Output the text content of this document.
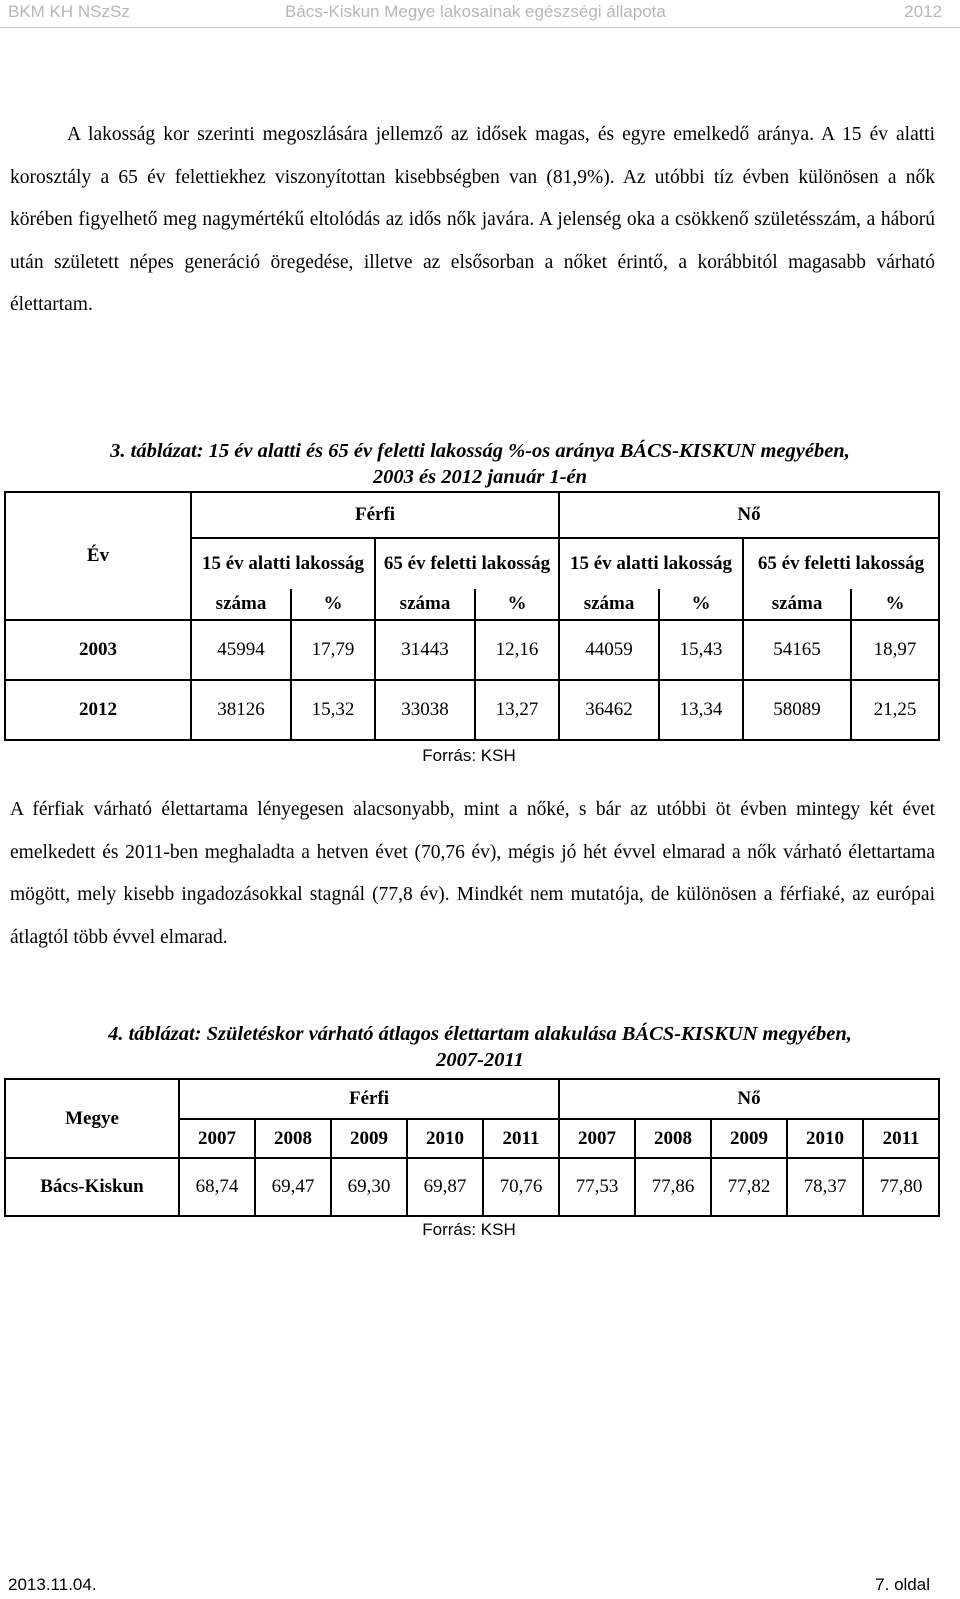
BKM KH NSzSz	Bács-Kiskun Megye lakosainak egészségi állapota	2012

A lakosság kor szerinti megoszlására jellemző az idősek magas, és egyre emelkedő aránya. A 15 év alatti korosztály a 65 év felettiekhez viszonyítottan kisebbségben van (81,9%). Az utóbbi tíz évben különösen a nők körében figyelhető meg nagymértékű eltolódás az idős nők javára. A jelenség oka a csökkenő születésszám, a háború után született népes generáció öregedése, illetve az elsősorban a nőket érintő, a korábbitól magasabb várható élettartam.

3. táblázat: 15 év alatti és 65 év feletti lakosság %-os aránya BÁCS-KISKUN megyében,
2003 és 2012 január 1-én
Év	Férfi				Nő			
	15 év alatti lakosság		65 év feletti lakosság		15 év alatti lakosság		65 év feletti lakosság	
	száma	%	száma	%	száma	%	száma	%
2003	45994	17,79	31443	12,16	44059	15,43	54165	18,97
2012	38126	15,32	33038	13,27	36462	13,34	58089	21,25
Forrás: KSH

A férfiak várható élettartama lényegesen alacsonyabb, mint a nőké, s bár az utóbbi öt évben mintegy két évet emelkedett és 2011-ben meghaladta a hetven évet (70,76 év), mégis jó hét évvel elmarad a nők várható élettartama mögött, mely kisebb ingadozásokkal stagnál (77,8 év). Mindkét nem mutatója, de különösen a férfiaké, az európai átlagtól több évvel elmarad.

4. táblázat: Születéskor várható átlagos élettartam alakulása BÁCS-KISKUN megyében,
2007-2011
Megye	Férfi					Nő				
	2007	2008	2009	2010	2011	2007	2008	2009	2010	2011
Bács-Kiskun	68,74	69,47	69,30	69,87	70,76	77,53	77,86	77,82	78,37	77,80
Forrás: KSH
2013.11.04.	7. oldal
